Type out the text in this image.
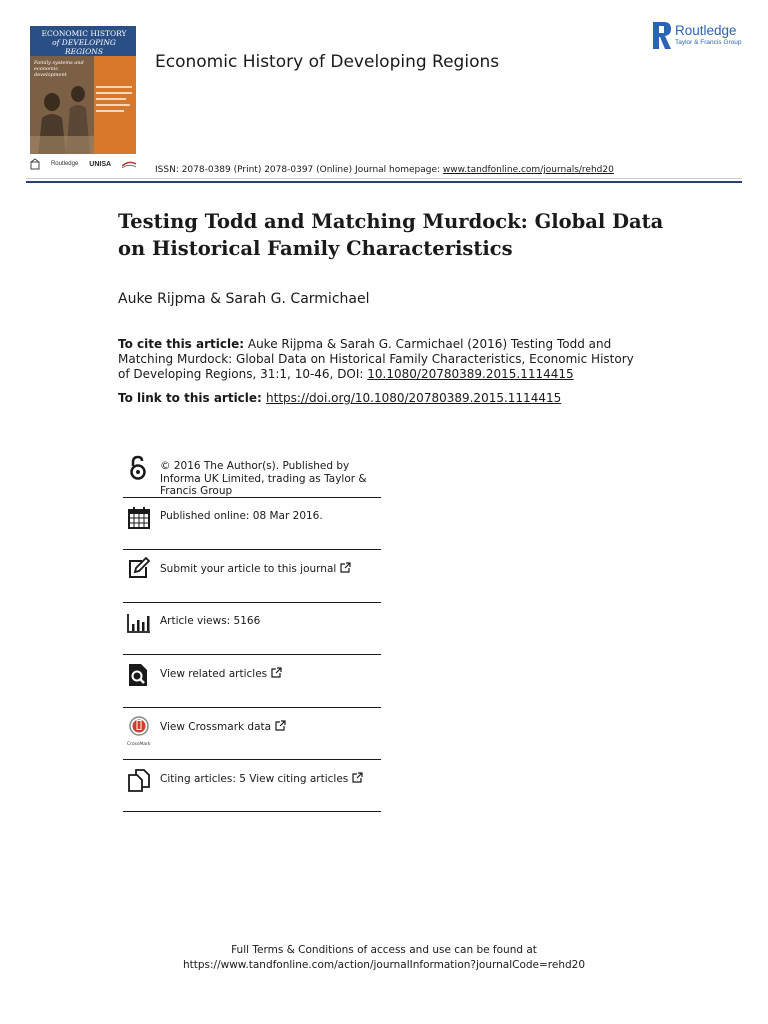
ECONOMIC HISTORY
of DEVELOPING REGIONS
Family systems and economic development
Routledge UNISA
Economic History of Developing Regions
ISSN: 2078-0389 (Print) 2078-0397 (Online) Journal homepage: www.tandfonline.com/journals/rehd20
Routledge
Taylor & Francis Group
Testing Todd and Matching Murdock: Global Data on Historical Family Characteristics
Auke Rijpma & Sarah G. Carmichael
To cite this article: Auke Rijpma & Sarah G. Carmichael (2016) Testing Todd and Matching Murdock: Global Data on Historical Family Characteristics, Economic History of Developing Regions, 31:1, 10-46, DOI: 10.1080/20780389.2015.1114415
To link to this article: https://doi.org/10.1080/20780389.2015.1114415
© 2016 The Author(s). Published by Informa UK Limited, trading as Taylor & Francis Group
Published online: 08 Mar 2016.
Submit your article to this journal
Article views: 5166
View related articles
CrossMark
View Crossmark data
Citing articles: 5 View citing articles
Full Terms & Conditions of access and use can be found at
https://www.tandfonline.com/action/journalInformation?journalCode=rehd20
